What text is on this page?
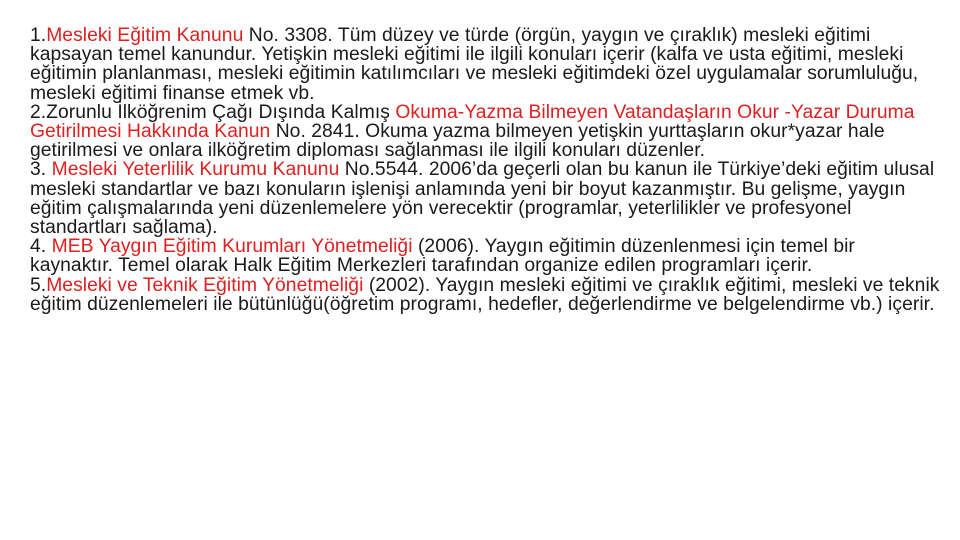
1.Mesleki Eğitim Kanunu No. 3308. Tüm düzey ve türde (örgün, yaygın ve çıraklık) mesleki eğitimi kapsayan temel kanundur. Yetişkin mesleki eğitimi ile ilgili konuları içerir (kalfa ve usta eğitimi, mesleki eğitimin planlanması, mesleki eğitimin katılımcıları ve mesleki eğitimdeki özel uygulamalar sorumluluğu, mesleki eğitimi finanse etmek vb.

2.Zorunlu İlköğrenim Çağı Dışında Kalmış Okuma-Yazma Bilmeyen Vatandaşların Okur -Yazar Duruma Getirilmesi Hakkında Kanun No. 2841. Okuma yazma bilmeyen yetişkin yurttaşların okur*yazar hale getirilmesi ve onlara ilköğretim diploması sağlanması ile ilgili konuları düzenler.

3. Mesleki Yeterlilik Kurumu Kanunu No.5544. 2006’da geçerli olan bu kanun ile Türkiye’deki eğitim ulusal mesleki standartlar ve bazı konuların işlenişi anlamında yeni bir boyut kazanmıştır. Bu gelişme, yaygın eğitim çalışmalarında yeni düzenlemelere yön verecektir (programlar, yeterlilikler ve profesyonel standartları sağlama).

4. MEB Yaygın Eğitim Kurumları Yönetmeliği (2006). Yaygın eğitimin düzenlenmesi için temel bir kaynaktır. Temel olarak Halk Eğitim Merkezleri tarafından organize edilen programları içerir.

5.Mesleki ve Teknik Eğitim Yönetmeliği (2002). Yaygın mesleki eğitimi ve çıraklık eğitimi, mesleki ve teknik eğitim düzenlemeleri ile bütünlüğü(öğretim programı, hedefler, değerlendirme ve belgelendirme vb.) içerir.
